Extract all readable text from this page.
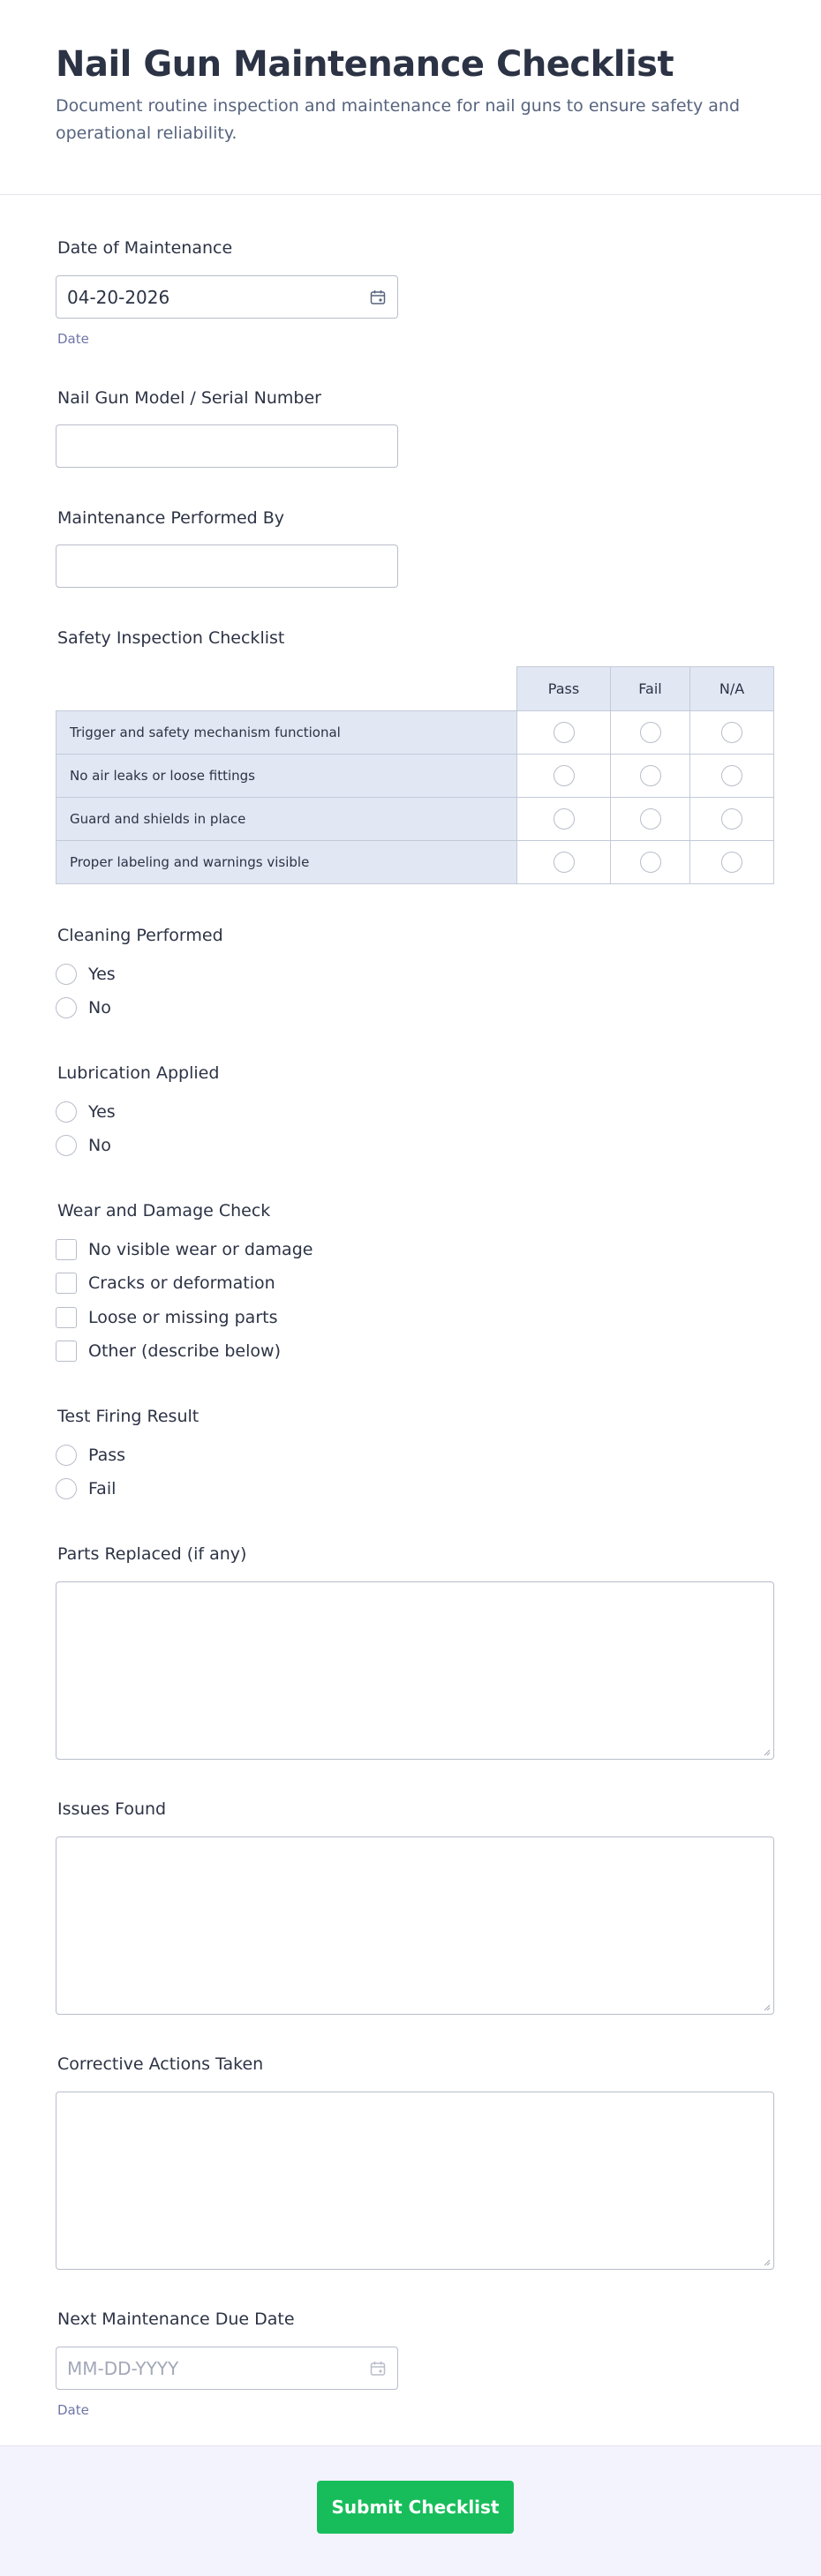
Nail Gun Maintenance Checklist

Document routine inspection and maintenance for nail guns to ensure safety and operational reliability.

Date of Maintenance
04-20-2026
Date
Nail Gun Model / Serial Number
Maintenance Performed By
Safety Inspection Checklist
Pass	Fail	N/A
Trigger and safety mechanism functional
No air leaks or loose fittings
Guard and shields in place
Proper labeling and warnings visible
Cleaning Performed
Yes
No
Lubrication Applied
Yes
No
Wear and Damage Check
No visible wear or damage
Cracks or deformation
Loose or missing parts
Other (describe below)
Test Firing Result
Pass
Fail
Parts Replaced (if any)
Issues Found
Corrective Actions Taken
Next Maintenance Due Date
MM-DD-YYYY
Date
Submit Checklist
